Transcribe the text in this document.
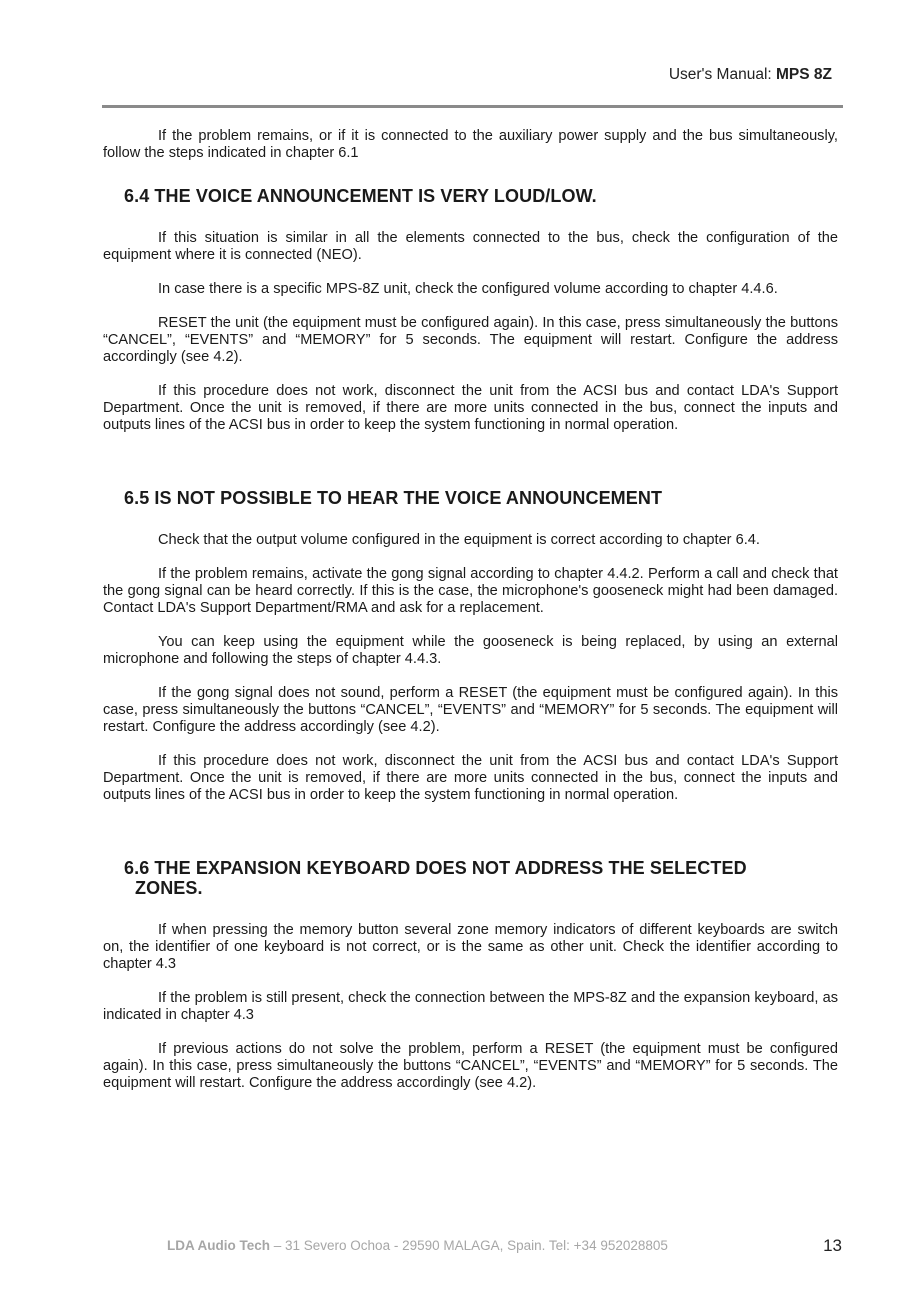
User's Manual: MPS 8Z

If the problem remains, or if it is connected to the auxiliary power supply and the bus simultaneously, follow the steps indicated in chapter 6.1

6.4 THE VOICE ANNOUNCEMENT IS VERY LOUD/LOW.

If this situation is similar in all the elements connected to the bus, check the configuration of the equipment where it is connected (NEO).

In case there is a specific MPS-8Z unit, check the configured volume according to chapter 4.4.6.

RESET the unit (the equipment must be configured again). In this case, press simultaneously the buttons “CANCEL”, “EVENTS” and “MEMORY” for 5 seconds. The equipment will restart. Configure the address accordingly (see 4.2).

If this procedure does not work, disconnect the unit from the ACSI bus and contact LDA's Support Department. Once the unit is removed, if there are more units connected in the bus, connect the inputs and outputs lines of the ACSI bus in order to keep the system functioning in normal operation.

6.5 IS NOT POSSIBLE TO HEAR THE VOICE ANNOUNCEMENT

Check that the output volume configured in the equipment is correct according to chapter 6.4.

If the problem remains, activate the gong signal according to chapter 4.4.2. Perform a call and check that the gong signal can be heard correctly. If this is the case, the microphone's gooseneck might had been damaged. Contact LDA's Support Department/RMA and ask for a replacement.

You can keep using the equipment while the gooseneck is being replaced, by using an external microphone and following the steps of chapter 4.4.3.

If the gong signal does not sound, perform a RESET (the equipment must be configured again). In this case, press simultaneously the buttons “CANCEL”, “EVENTS” and “MEMORY” for 5 seconds. The equipment will restart. Configure the address accordingly (see 4.2).

If this procedure does not work, disconnect the unit from the ACSI bus and contact LDA's Support Department. Once the unit is removed, if there are more units connected in the bus, connect the inputs and outputs lines of the ACSI bus in order to keep the system functioning in normal operation.

6.6 THE EXPANSION KEYBOARD DOES NOT ADDRESS THE SELECTED
ZONES.

If when pressing the memory button several zone memory indicators of different keyboards are switch on, the identifier of one keyboard is not correct, or is the same as other unit. Check the identifier according to chapter 4.3

If the problem is still present, check the connection between the MPS-8Z and the expansion keyboard, as indicated in chapter 4.3

If previous actions do not solve the problem, perform a RESET (the equipment must be configured again). In this case, press simultaneously the buttons “CANCEL”, “EVENTS” and “MEMORY” for 5 seconds. The equipment will restart. Configure the address accordingly (see 4.2).

LDA Audio Tech – 31 Severo Ochoa - 29590 MALAGA, Spain. Tel: +34 952028805	13
